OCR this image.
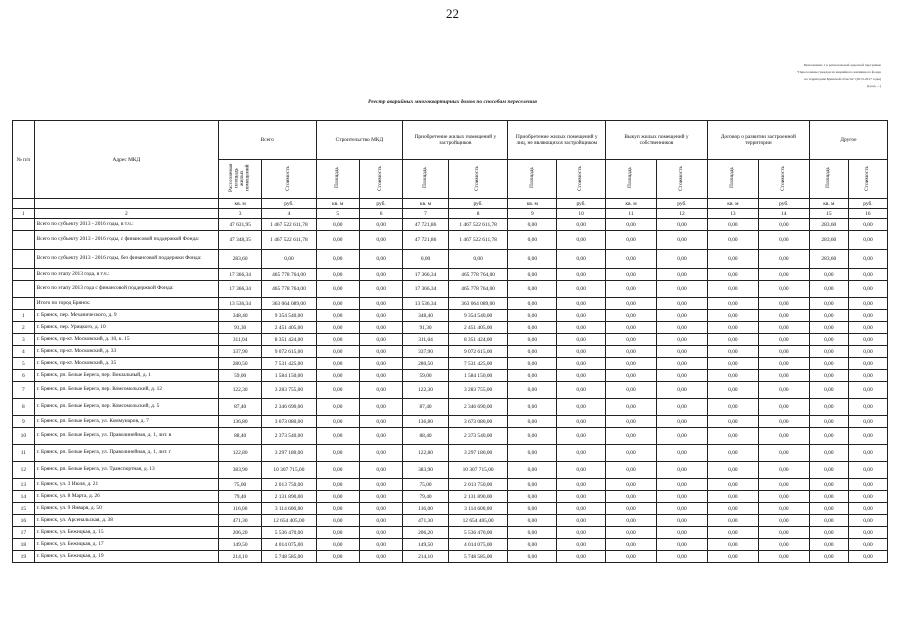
22
Приложение 1 к региональной адресной программе
"Переселение граждан из аварийного жилищного фонда
на территории Брянской области" (2013-2017 годы)
(в ред. ...)
Реестр аварийных многоквартирных домов по способам переселения
№ п/п	Адрес МКД	Всего		Строительство МКД		Приобретение жилых помещений у застройщиков		Приобретение жилых помещений у лиц, не являющихся застройщиком		Выкуп жилых помещений у собственников		Договор о развитии застроенной территории		Другое	
		Расселяемая площадь жилых помещений	Стоимость	Площадь	Стоимость	Площадь	Стоимость	Площадь	Стоимость	Площадь	Стоимость	Площадь	Стоимость	Площадь	Стоимость
		кв. м	руб.	кв. м	руб.	кв. м	руб.	кв. м	руб.	кв. м	руб.	кв. м	руб.	кв. м	руб.
1	2	3	4	5	6	7	8	9	10	11	12	13	14	15	16
	Всего по субъекту 2013 - 2016 годы, в т.ч.:	47 631,95	1 467 522 611,78	0,00	0,00	47 721,86	1 467 522 611,78	0,00	0,00	0,00	0,00	0,00	0,00	283,60	0,00
	Всего по субъекту 2013 - 2016 годы, с финансовой поддержкой Фонда:	47 348,35	1 467 522 611,78	0,00	0,00	47 721,86	1 467 522 611,78	0,00	0,00	0,00	0,00	0,00	0,00	283,60	0,00
	Всего по субъекту 2013 - 2016 годы, без финансовой поддержки Фонда:	283,60	0,00	0,00	0,00	0,00	0,00	0,00	0,00	0,00	0,00	0,00	0,00	283,60	0,00
	Всего по этапу 2013 года, в т.ч.:	17 366,34	465 778 764,00	0,00	0,00	17 366,34	465 778 764,00	0,00	0,00	0,00	0,00	0,00	0,00	0,00	0,00
	Всего по этапу 2013 года с финансовой поддержкой Фонда:	17 366,34	465 778 764,00	0,00	0,00	17 366,34	465 778 764,00	0,00	0,00	0,00	0,00	0,00	0,00	0,00	0,00
	Итого по город Брянск:	13 536,34	363 064 089,00	0,00	0,00	13 536,34	363 064 089,00	0,00	0,00	0,00	0,00	0,00	0,00	0,00	0,00
1	г. Брянск, пер. Механического, д. 9	348,40	9 354 540,00	0,00	0,00	348,40	9 354 540,00	0,00	0,00	0,00	0,00	0,00	0,00	0,00	0,00
2	г. Брянск, пер. Урицкого, д. 10	91,30	2 451 405,00	0,00	0,00	91,30	2 451 405,00	0,00	0,00	0,00	0,00	0,00	0,00	0,00	0,00
3	г. Брянск, пр-кт. Московский, д. 10, к. 15	311,04	8 351 424,00	0,00	0,00	311,04	8 351 424,00	0,00	0,00	0,00	0,00	0,00	0,00	0,00	0,00
4	г. Брянск, пр-кт. Московский, д. 33	337,90	9 072 615,00	0,00	0,00	337,90	9 072 615,00	0,00	0,00	0,00	0,00	0,00	0,00	0,00	0,00
5	г. Брянск, пр-кт. Московский, д. 35	280,50	7 531 425,00	0,00	0,00	280,50	7 531 425,00	0,00	0,00	0,00	0,00	0,00	0,00	0,00	0,00
6	г. Брянск, рп. Белые Берега, пер. Вокзальный, д. 1	59,00	1 584 150,00	0,00	0,00	59,00	1 584 150,00	0,00	0,00	0,00	0,00	0,00	0,00	0,00	0,00
7	г. Брянск, рп. Белые Берега, пер. Комсомольский, д. 12	122,30	3 283 755,00	0,00	0,00	122,30	3 283 755,00	0,00	0,00	0,00	0,00	0,00	0,00	0,00	0,00
8	г. Брянск, рп. Белые Берега, пер. Комсомольский, д. 5	87,40	2 346 690,00	0,00	0,00	87,40	2 346 690,00	0,00	0,00	0,00	0,00	0,00	0,00	0,00	0,00
9	г. Брянск, рп. Белые Берега, ул. Коммунаров, д. 7	136,80	3 673 080,00	0,00	0,00	136,80	3 673 080,00	0,00	0,00	0,00	0,00	0,00	0,00	0,00	0,00
10	г. Брянск, рп. Белые Берега, ул. Праволинейная, д. 1, лит. в	88,40	2 373 540,00	0,00	0,00	88,40	2 373 540,00	0,00	0,00	0,00	0,00	0,00	0,00	0,00	0,00
11	г. Брянск, рп. Белые Берега, ул. Праволинейная, д. 1, лит. г	122,80	3 297 180,00	0,00	0,00	122,80	3 297 180,00	0,00	0,00	0,00	0,00	0,00	0,00	0,00	0,00
12	г. Брянск, рп. Белые Берега, ул. Транспортная, д. 13	383,90	10 307 715,00	0,00	0,00	383,90	10 307 715,00	0,00	0,00	0,00	0,00	0,00	0,00	0,00	0,00
13	г. Брянск, ул. 3 Июля, д. 21	75,00	2 013 750,00	0,00	0,00	75,00	2 013 750,00	0,00	0,00	0,00	0,00	0,00	0,00	0,00	0,00
14	г. Брянск, ул. 8 Марта, д. 26	79,40	2 131 890,00	0,00	0,00	79,40	2 131 890,00	0,00	0,00	0,00	0,00	0,00	0,00	0,00	0,00
15	г. Брянск, ул. 9 Января, д. 50	116,00	3 114 600,00	0,00	0,00	116,00	3 114 600,00	0,00	0,00	0,00	0,00	0,00	0,00	0,00	0,00
16	г. Брянск, ул. Арсенальская, д. 38	471,30	12 654 405,00	0,00	0,00	471,30	12 654 405,00	0,00	0,00	0,00	0,00	0,00	0,00	0,00	0,00
17	г. Брянск, ул. Бежицкая, д. 15	206,20	5 536 470,00	0,00	0,00	206,20	5 536 470,00	0,00	0,00	0,00	0,00	0,00	0,00	0,00	0,00
18	г. Брянск, ул. Бежицкая, д. 17	149,50	4 014 075,00	0,00	0,00	149,50	4 014 075,00	0,00	0,00	0,00	0,00	0,00	0,00	0,00	0,00
19	г. Брянск, ул. Бежицкая, д. 19	214,10	5 748 585,00	0,00	0,00	214,10	5 748 585,00	0,00	0,00	0,00	0,00	0,00	0,00	0,00	0,00
